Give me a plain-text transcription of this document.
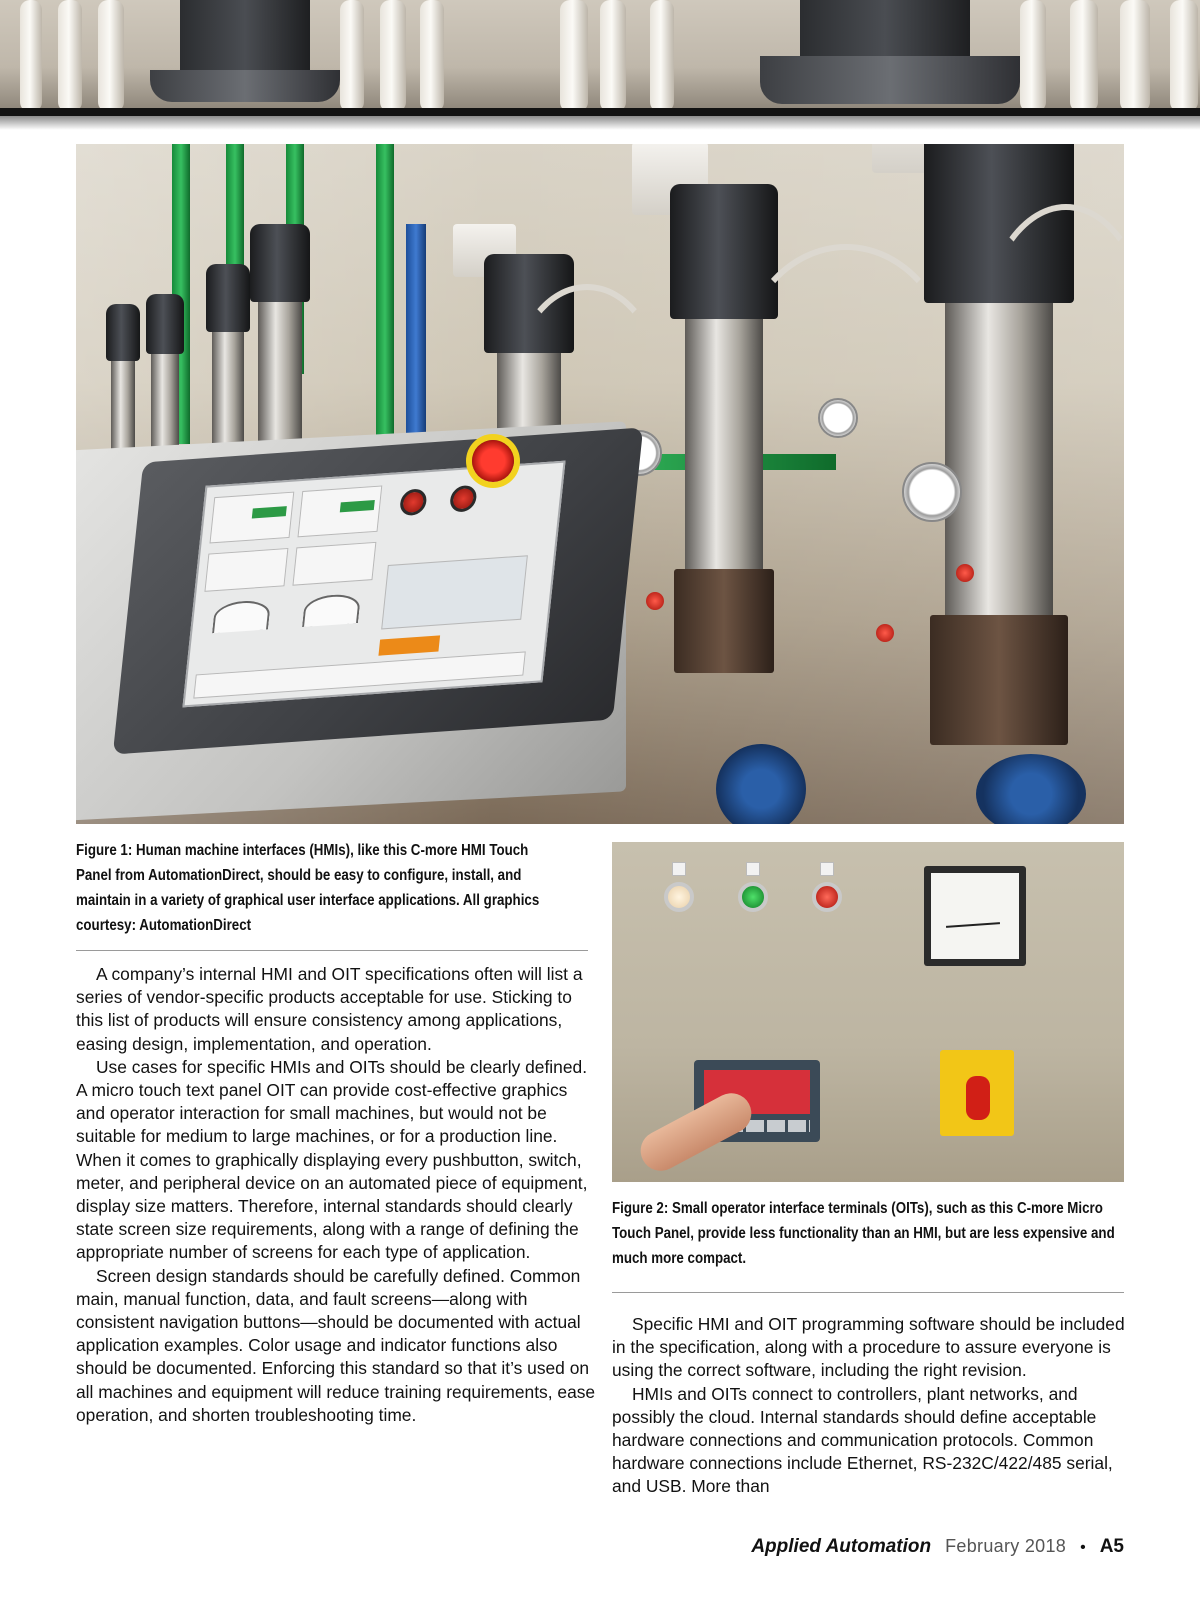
Figure 1: Human machine interfaces (HMIs), like this C-more HMI Touch Panel from AutomationDirect, should be easy to configure, install, and maintain in a variety of graphical user interface applications. All graphics courtesy: AutomationDirect
Figure 2: Small operator interface terminals (OITs), such as this C-more Micro Touch Panel, provide less functionality than an HMI, but are less expensive and much more compact.

A company’s internal HMI and OIT specifications often will list a series of vendor-specific products acceptable for use. Sticking to this list of products will ensure consistency among applications, easing design, implementation, and operation.

Use cases for specific HMIs and OITs should be clearly defined. A micro touch text panel OIT can provide cost-effective graphics and operator interaction for small machines, but would not be suitable for medium to large machines, or for a production line. When it comes to graphically displaying every pushbutton, switch, meter, and peripheral device on an automated piece of equipment, display size matters. Therefore, internal standards should clearly state screen size requirements, along with a range of defining the appropriate number of screens for each type of application.

Screen design standards should be carefully defined. Common main, manual function, data, and fault screens—along with consistent navigation buttons—should be documented with actual application examples. Color usage and indicator functions also should be documented. Enforcing this standard so that it’s used on all machines and equipment will reduce training requirements, ease operation, and shorten troubleshooting time.

Specific HMI and OIT programming software should be included in the specification, along with a procedure to assure everyone is using the correct software, including the right revision.

HMIs and OITs connect to controllers, plant networks, and possibly the cloud. Internal standards should define acceptable hardware connections and communication protocols. Common hardware connections include Ethernet, RS-232C/422/485 serial, and USB. More than

Applied Automation February 2018 • A5
